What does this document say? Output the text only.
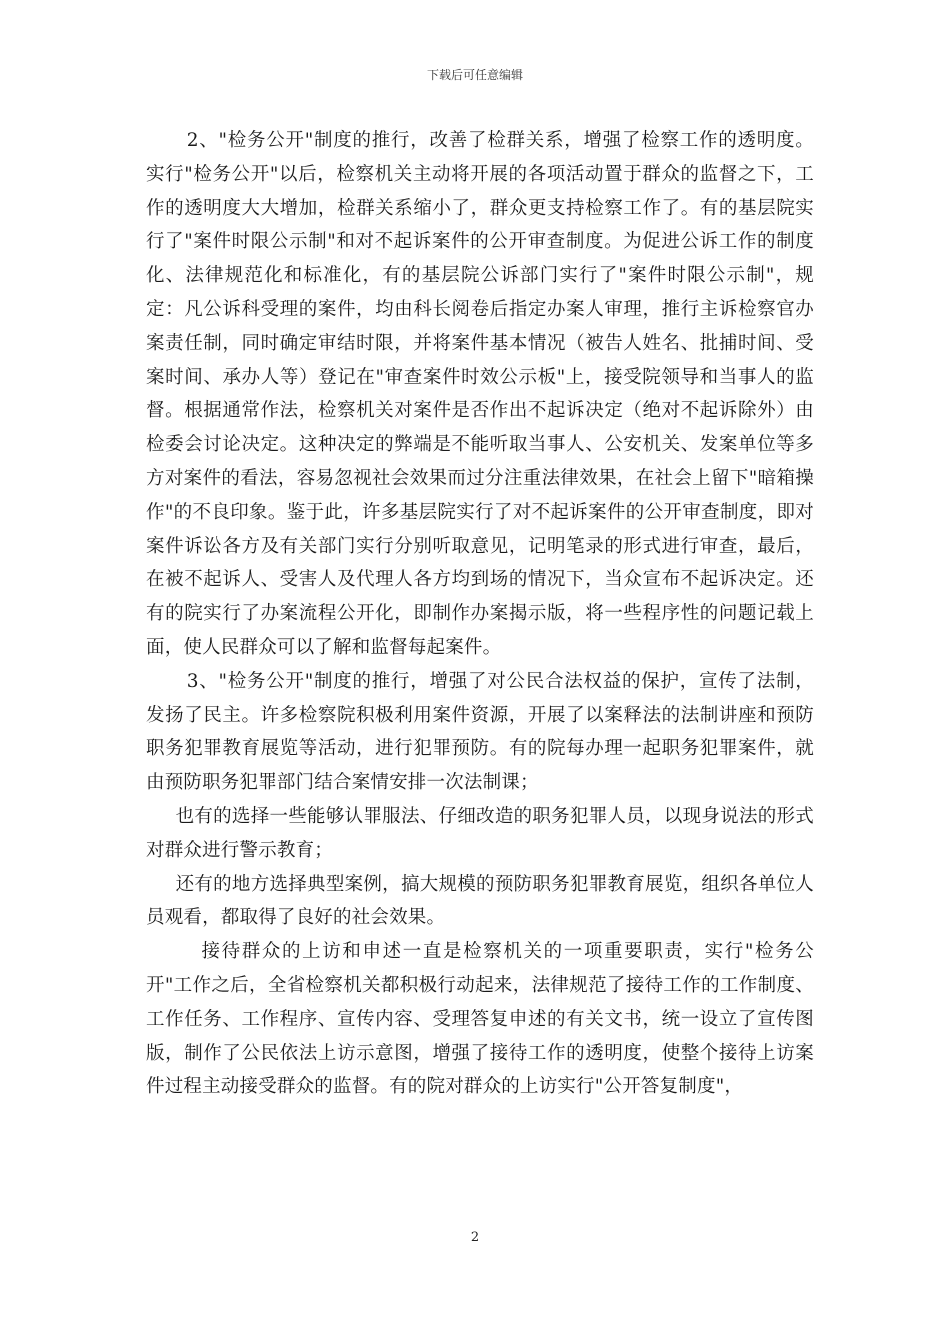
下载后可任意编辑

2、"检务公开"制度的推行，改善了检群关系，增强了检察工作的透明度。实行"检务公开"以后，检察机关主动将开展的各项活动置于群众的监督之下，工作的透明度大大增加，检群关系缩小了，群众更支持检察工作了。有的基层院实行了"案件时限公示制"和对不起诉案件的公开审查制度。为促进公诉工作的制度化、法律规范化和标准化，有的基层院公诉部门实行了"案件时限公示制"，规定：凡公诉科受理的案件，均由科长阅卷后指定办案人审理，推行主诉检察官办案责任制，同时确定审结时限，并将案件基本情况（被告人姓名、批捕时间、受案时间、承办人等）登记在"审查案件时效公示板"上，接受院领导和当事人的监督。根据通常作法，检察机关对案件是否作出不起诉决定（绝对不起诉除外）由检委会讨论决定。这种决定的弊端是不能听取当事人、公安机关、发案单位等多方对案件的看法，容易忽视社会效果而过分注重法律效果，在社会上留下"暗箱操作"的不良印象。鉴于此，许多基层院实行了对不起诉案件的公开审查制度，即对案件诉讼各方及有关部门实行分别听取意见，记明笔录的形式进行审查，最后，在被不起诉人、受害人及代理人各方均到场的情况下，当众宣布不起诉决定。还有的院实行了办案流程公开化，即制作办案揭示版，将一些程序性的问题记载上面，使人民群众可以了解和监督每起案件。

3、"检务公开"制度的推行，增强了对公民合法权益的保护，宣传了法制，发扬了民主。许多检察院积极利用案件资源，开展了以案释法的法制讲座和预防职务犯罪教育展览等活动，进行犯罪预防。有的院每办理一起职务犯罪案件，就由预防职务犯罪部门结合案情安排一次法制课；

也有的选择一些能够认罪服法、仔细改造的职务犯罪人员，以现身说法的形式对群众进行警示教育；

还有的地方选择典型案例，搞大规模的预防职务犯罪教育展览，组织各单位人员观看，都取得了良好的社会效果。

接待群众的上访和申述一直是检察机关的一项重要职责，实行"检务公开"工作之后，全省检察机关都积极行动起来，法律规范了接待工作的工作制度、工作任务、工作程序、宣传内容、受理答复申述的有关文书，统一设立了宣传图版，制作了公民依法上访示意图，增强了接待工作的透明度，使整个接待上访案件过程主动接受群众的监督。有的院对群众的上访实行"公开答复制度"，

2
